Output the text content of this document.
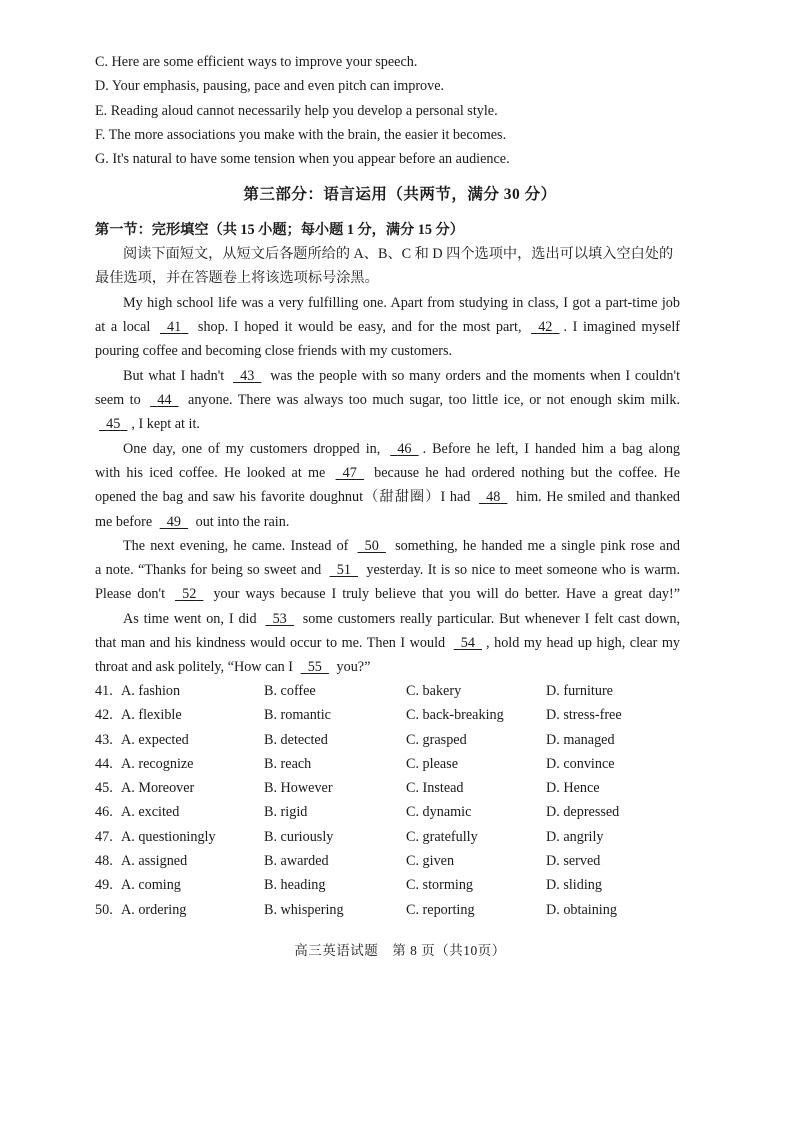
C. Here are some efficient ways to improve your speech.
D. Your emphasis, pausing, pace and even pitch can improve.
E. Reading aloud cannot necessarily help you develop a personal style.
F. The more associations you make with the brain, the easier it becomes.
G. It's natural to have some tension when you appear before an audience.
第三部分：语言运用（共两节，满分 30 分）
第一节：完形填空（共 15 小题；每小题 1 分，满分 15 分）
阅读下面短文，从短文后各题所给的 A、B、C 和 D 四个选项中，选出可以填入空白处的
最佳选项，并在答题卷上将该选项标号涂黑。
My high school life was a very fulfilling one. Apart from studying in class, I got a part-time job
at a local 41 shop. I hoped it would be easy, and for the most part, 42 . I imagined myself
pouring coffee and becoming close friends with my customers.
But what I hadn't 43 was the people with so many orders and the moments when I couldn't
seem to 44 anyone. There was always too much sugar, too little ice, or not enough skim milk.
45 , I kept at it.
One day, one of my customers dropped in, 46 . Before he left, I handed him a bag along
with his iced coffee. He looked at me 47 because he had ordered nothing but the coffee. He
opened the bag and saw his favorite doughnut（甜甜圈）I had 48 him. He smiled and thanked
me before 49 out into the rain.
The next evening, he came. Instead of 50 something, he handed me a single pink rose and
a note. “Thanks for being so sweet and 51 yesterday. It is so nice to meet someone who is warm.
Please don't 52 your ways because I truly believe that you will do better. Have a great day!”
As time went on, I did 53 some customers really particular. But whenever I felt cast down,
that man and his kindness would occur to me. Then I would 54 , hold my head up high, clear my
throat and ask politely, “How can I 55 you?”
41. A. fashion	B. coffee	C. bakery	D. furniture
42. A. flexible	B. romantic	C. back-breaking	D. stress-free
43. A. expected	B. detected	C. grasped	D. managed
44. A. recognize	B. reach	C. please	D. convince
45. A. Moreover	B. However	C. Instead	D. Hence
46. A. excited	B. rigid	C. dynamic	D. depressed
47. A. questioningly	B. curiously	C. gratefully	D. angrily
48. A. assigned	B. awarded	C. given	D. served
49. A. coming	B. heading	C. storming	D. sliding
50. A. ordering	B. whispering	C. reporting	D. obtaining
高三英语试题　第 8 页（共10页）
